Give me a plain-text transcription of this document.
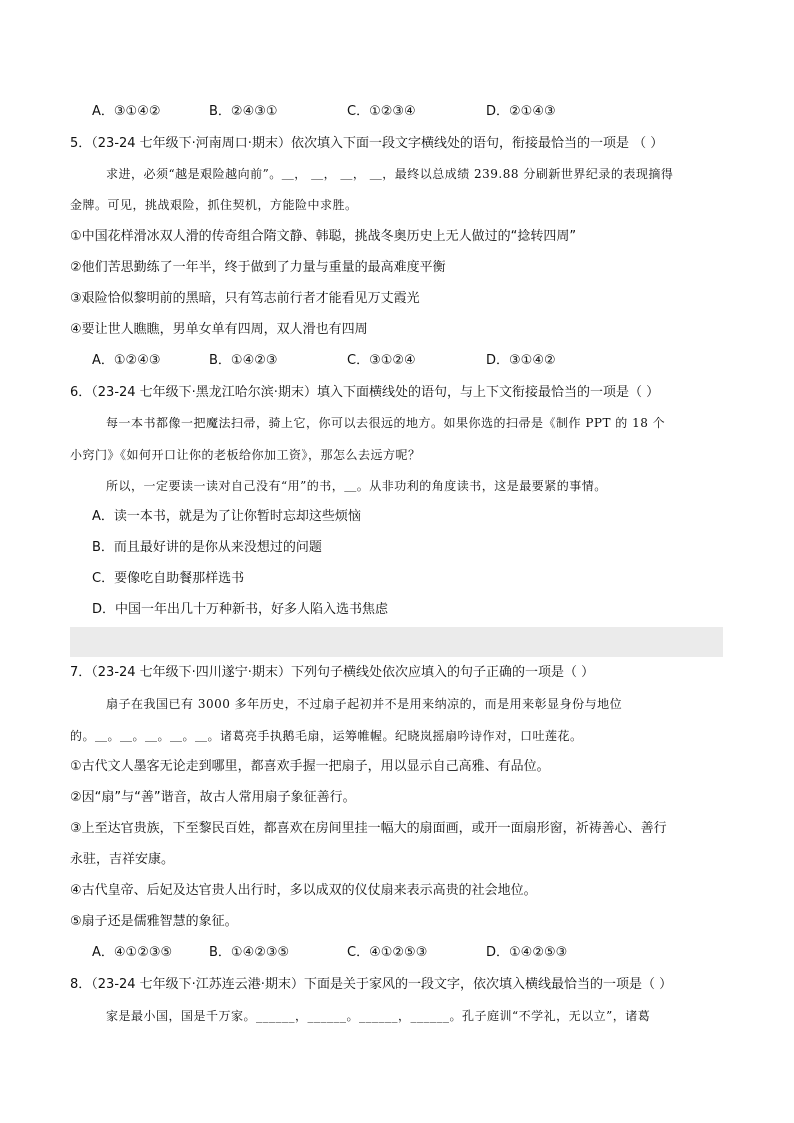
A．③①④②	B．②④③①	C．①②③④	D．②①④③
5．（23-24 七年级下·河南周口·期末）依次填入下面一段文字横线处的语句，衔接最恰当的一项是 （ ）
求进，必须“越是艰险越向前”。＿， ＿， ＿， ＿，最终以总成绩 239.88 分刷新世界纪录的表现摘得
金牌。可见，挑战艰险，抓住契机，方能险中求胜。
①中国花样滑冰双人滑的传奇组合隋文静、韩聪，挑战冬奥历史上无人做过的“捻转四周”
②他们苦思勤练了一年半，终于做到了力量与重量的最高难度平衡
③艰险恰似黎明前的黑暗，只有笃志前行者才能看见万丈霞光
④要让世人瞧瞧，男单女单有四周，双人滑也有四周
A．①②④③	B．①④②③	C．③①②④	D．③①④②
6．（23-24 七年级下·黑龙江哈尔滨·期末）填入下面横线处的语句，与上下文衔接最恰当的一项是（ ）
每一本书都像一把魔法扫帚，骑上它，你可以去很远的地方。如果你选的扫帚是《制作 PPT 的 18 个
小窍门》《如何开口让你的老板给你加工资》，那怎么去远方呢？
所以，一定要读一读对自己没有“用”的书，＿。从非功利的角度读书，这是最要紧的事情。
A．读一本书，就是为了让你暂时忘却这些烦恼
B．而且最好讲的是你从来没想过的问题
C．要像吃自助餐那样选书
D．中国一年出几十万种新书，好多人陷入选书焦虑
7．（23-24 七年级下·四川遂宁·期末）下列句子横线处依次应填入的句子正确的一项是（ ）
扇子在我国已有 3000 多年历史，不过扇子起初并不是用来纳凉的，而是用来彰显身份与地位
的。＿。＿。＿。＿。＿。诸葛亮手执鹅毛扇，运筹帷幄。纪晓岚摇扇吟诗作对，口吐莲花。
①古代文人墨客无论走到哪里，都喜欢手握一把扇子，用以显示自己高雅、有品位。
②因“扇”与“善”谐音，故古人常用扇子象征善行。
③上至达官贵族，下至黎民百姓，都喜欢在房间里挂一幅大的扇面画，或开一面扇形窗，祈祷善心、善行
永驻，吉祥安康。
④古代皇帝、后妃及达官贵人出行时，多以成双的仪仗扇来表示高贵的社会地位。
⑤扇子还是儒雅智慧的象征。
A．④①②③⑤	B．①④②③⑤	C．④①②⑤③	D．①④②⑤③
8．（23-24 七年级下·江苏连云港·期末）下面是关于家风的一段文字，依次填入横线最恰当的一项是（ ）
家是最小国，国是千万家。______，______。______，______。孔子庭训“不学礼，无以立”，诸葛
